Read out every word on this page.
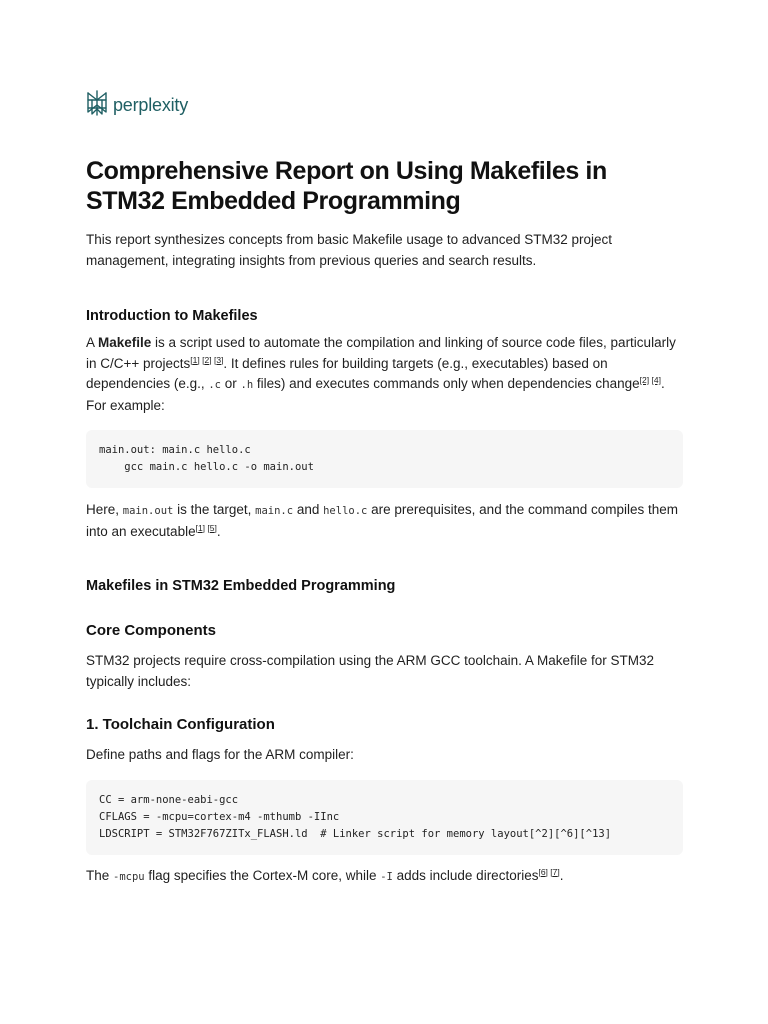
perplexity
Comprehensive Report on Using Makefiles in STM32 Embedded Programming

This report synthesizes concepts from basic Makefile usage to advanced STM32 project management, integrating insights from previous queries and search results.

Introduction to Makefiles

A Makefile is a script used to automate the compilation and linking of source code files, particularly in C/C++ projects[1] [2] [3]. It defines rules for building targets (e.g., executables) based on dependencies (e.g., .c or .h files) and executes commands only when dependencies change[2] [4]. For example:

main.out: main.c hello.c
gcc main.c hello.c -o main.out

Here, main.out is the target, main.c and hello.c are prerequisites, and the command compiles them into an executable[1] [5].

Makefiles in STM32 Embedded Programming
Core Components

STM32 projects require cross-compilation using the ARM GCC toolchain. A Makefile for STM32 typically includes:

1. Toolchain Configuration

Define paths and flags for the ARM compiler:

CC = arm-none-eabi-gcc
CFLAGS = -mcpu=cortex-m4 -mthumb -IInc
LDSCRIPT = STM32F767ZITx_FLASH.ld  # Linker script for memory layout[^2][^6][^13]

The -mcpu flag specifies the Cortex-M core, while -I adds include directories[6] [7].
